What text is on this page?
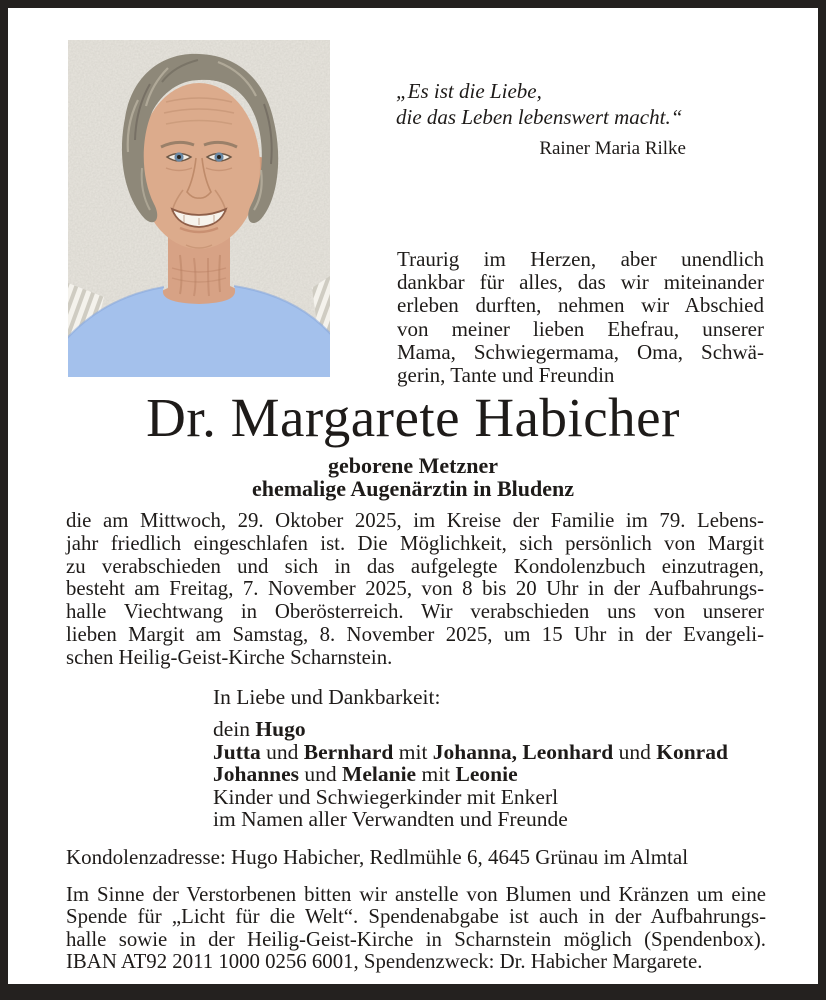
„Es ist die Liebe,
die das Leben lebenswert macht.“
Rainer Maria Rilke
Traurig im Herzen, aber unendlich
dankbar für alles, das wir miteinander
erleben durften, nehmen wir Abschied
von meiner lieben Ehefrau, unserer
Mama, Schwiegermama, Oma, Schwä-
gerin, Tante und Freundin
Dr. Margarete Habicher
geborene Metzner
ehemalige Augenärztin in Bludenz
die am Mittwoch, 29. Oktober 2025, im Kreise der Familie im 79. Lebens-
jahr friedlich eingeschlafen ist. Die Möglichkeit, sich persönlich von Margit
zu verabschieden und sich in das aufgelegte Kondolenzbuch einzutragen,
besteht am Freitag, 7. November 2025, von 8 bis 20 Uhr in der Aufbahrungs-
halle Viechtwang in Oberösterreich. Wir verabschieden uns von unserer
lieben Margit am Samstag, 8. November 2025, um 15 Uhr in der Evangeli-
schen Heilig-Geist-Kirche Scharnstein.
In Liebe und Dankbarkeit:
dein Hugo
Jutta und Bernhard mit Johanna, Leonhard und Konrad
Johannes und Melanie mit Leonie
Kinder und Schwiegerkinder mit Enkerl
im Namen aller Verwandten und Freunde
Kondolenzadresse: Hugo Habicher, Redlmühle 6, 4645 Grünau im Almtal
Im Sinne der Verstorbenen bitten wir anstelle von Blumen und Kränzen um eine
Spende für „Licht für die Welt“. Spendenabgabe ist auch in der Aufbahrungs-
halle sowie in der Heilig-Geist-Kirche in Scharnstein möglich (Spendenbox).
IBAN AT92 2011 1000 0256 6001, Spendenzweck: Dr. Habicher Margarete.
